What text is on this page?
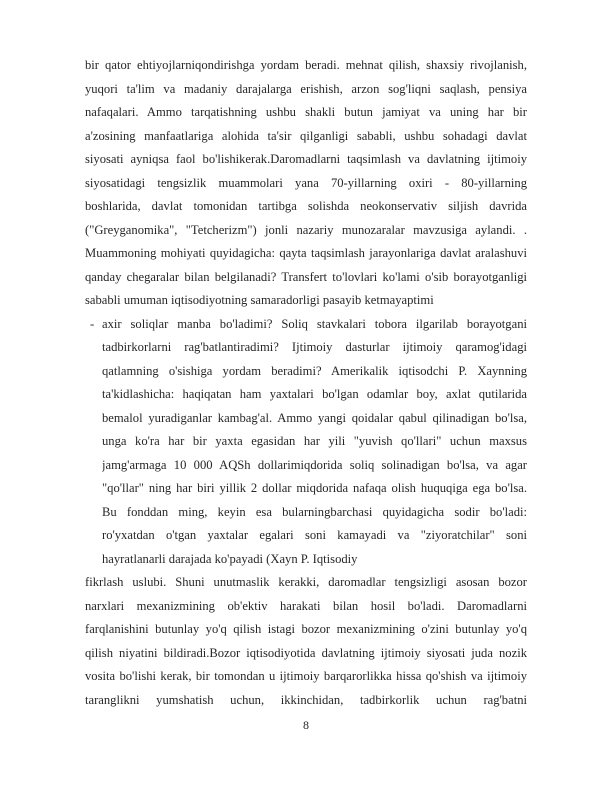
bir qator ehtiyojlarniqondirishga yordam beradi. mehnat qilish, shaxsiy rivojlanish,
yuqori ta'lim va madaniy darajalarga erishish, arzon sog'liqni saqlash, pensiya
nafaqalari. Ammo tarqatishning ushbu shakli butun jamiyat va uning har bir
a'zosining manfaatlariga alohida ta'sir qilganligi sababli, ushbu sohadagi davlat
siyosati ayniqsa faol bo'lishikerak.Daromadlarni taqsimlash va davlatning ijtimoiy
siyosatidagi tengsizlik muammolari yana 70-yillarning oxiri - 80-yillarning
boshlarida, davlat tomonidan tartibga solishda neokonservativ siljish davrida
("Greyganomika", "Tetcherizm") jonli nazariy munozaralar mavzusiga aylandi. .
Muammoning mohiyati quyidagicha: qayta taqsimlash jarayonlariga davlat aralashuvi
qanday chegaralar bilan belgilanadi? Transfert to'lovlari ko'lami o'sib borayotganligi
sababli umuman iqtisodiyotning samaradorligi pasayib ketmayaptimi
- axir soliqlar manba bo'ladimi? Soliq stavkalari tobora ilgarilab borayotgani
tadbirkorlarni rag'batlantiradimi? Ijtimoiy dasturlar ijtimoiy qaramog'idagi
qatlamning o'sishiga yordam beradimi? Amerikalik iqtisodchi P. Xaynning
ta'kidlashicha: haqiqatan ham yaxtalari bo'lgan odamlar boy, axlat qutilarida
bemalol yuradiganlar kambag'al. Ammo yangi qoidalar qabul qilinadigan bo'lsa,
unga ko'ra har bir yaxta egasidan har yili "yuvish qo'llari" uchun maxsus
jamg'armaga 10 000 AQSh dollarimiqdorida soliq solinadigan bo'lsa, va agar
"qo'llar" ning har biri yillik 2 dollar miqdorida nafaqa olish huquqiga ega bo'lsa.
Bu fonddan ming, keyin esa bularningbarchasi quyidagicha sodir bo'ladi:
ro'yxatdan o'tgan yaxtalar egalari soni kamayadi va "ziyoratchilar" soni
hayratlanarli darajada ko'payadi (Xayn P. Iqtisodiy
fikrlash uslubi. Shuni unutmaslik kerakki, daromadlar tengsizligi asosan bozor
narxlari mexanizmining ob'ektiv harakati bilan hosil bo'ladi. Daromadlarni
farqlanishini butunlay yo'q qilish istagi bozor mexanizmining o'zini butunlay yo'q
qilish niyatini bildiradi.Bozor iqtisodiyotida davlatning ijtimoiy siyosati juda nozik
vosita bo'lishi kerak, bir tomondan u ijtimoiy barqarorlikka hissa qo'shish va ijtimoiy
taranglikni yumshatish uchun, ikkinchidan, tadbirkorlik uchun rag'batni
8
